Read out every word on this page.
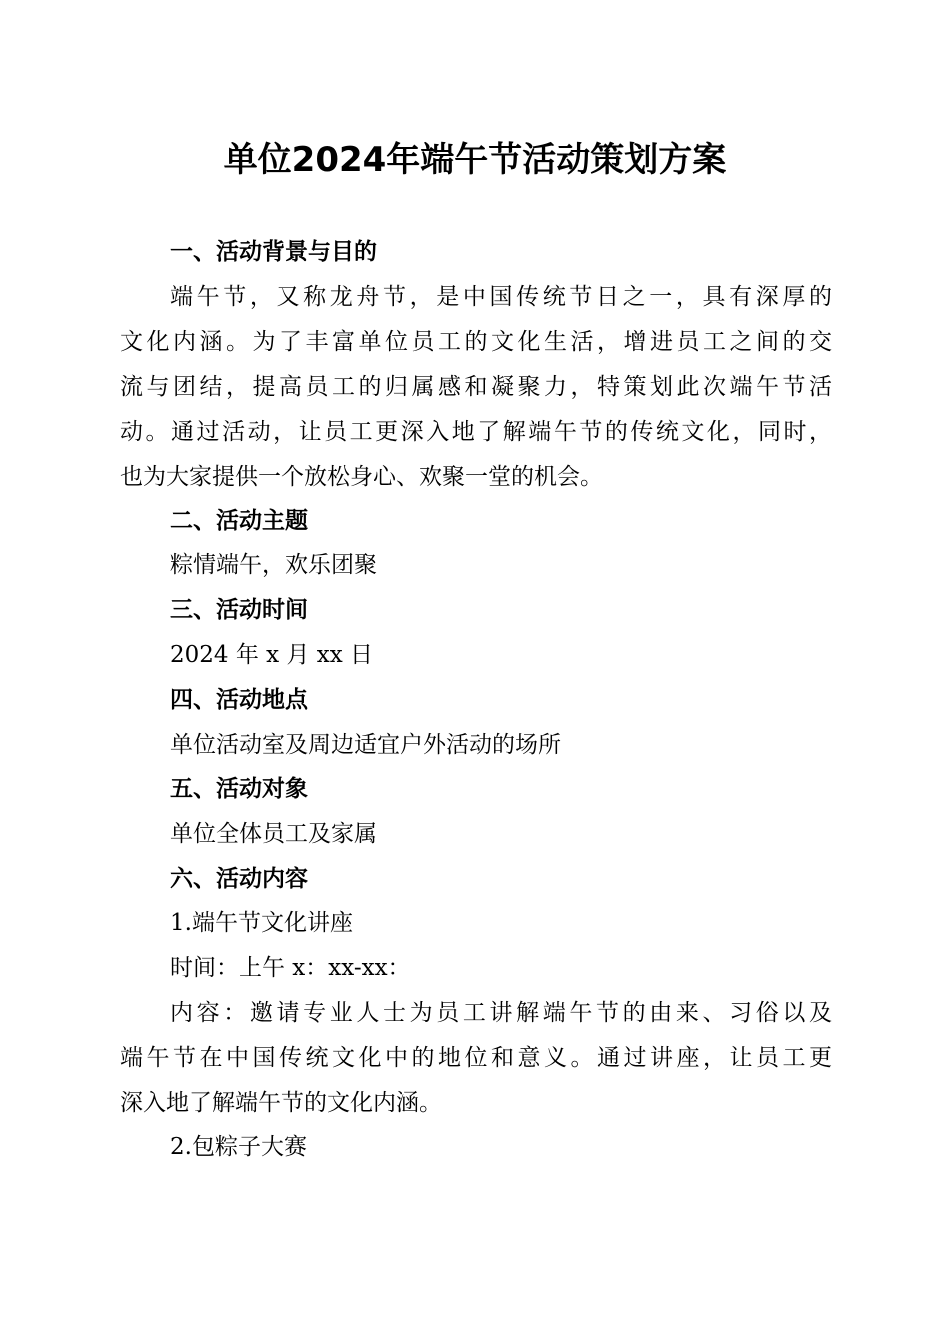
单位2024年端午节活动策划方案
一、活动背景与目的
端午节，又称龙舟节，是中国传统节日之一，具有深厚的
文化内涵。为了丰富单位员工的文化生活，增进员工之间的交
流与团结，提高员工的归属感和凝聚力，特策划此次端午节活
动。通过活动，让员工更深入地了解端午节的传统文化，同时，
也为大家提供一个放松身心、欢聚一堂的机会。
二、活动主题
粽情端午，欢乐团聚
三、活动时间
2024 年 x 月 xx 日
四、活动地点
单位活动室及周边适宜户外活动的场所
五、活动对象
单位全体员工及家属
六、活动内容
1.端午节文化讲座
时间：上午 x：xx-xx：
内容：邀请专业人士为员工讲解端午节的由来、习俗以及
端午节在中国传统文化中的地位和意义。通过讲座，让员工更
深入地了解端午节的文化内涵。
2.包粽子大赛
